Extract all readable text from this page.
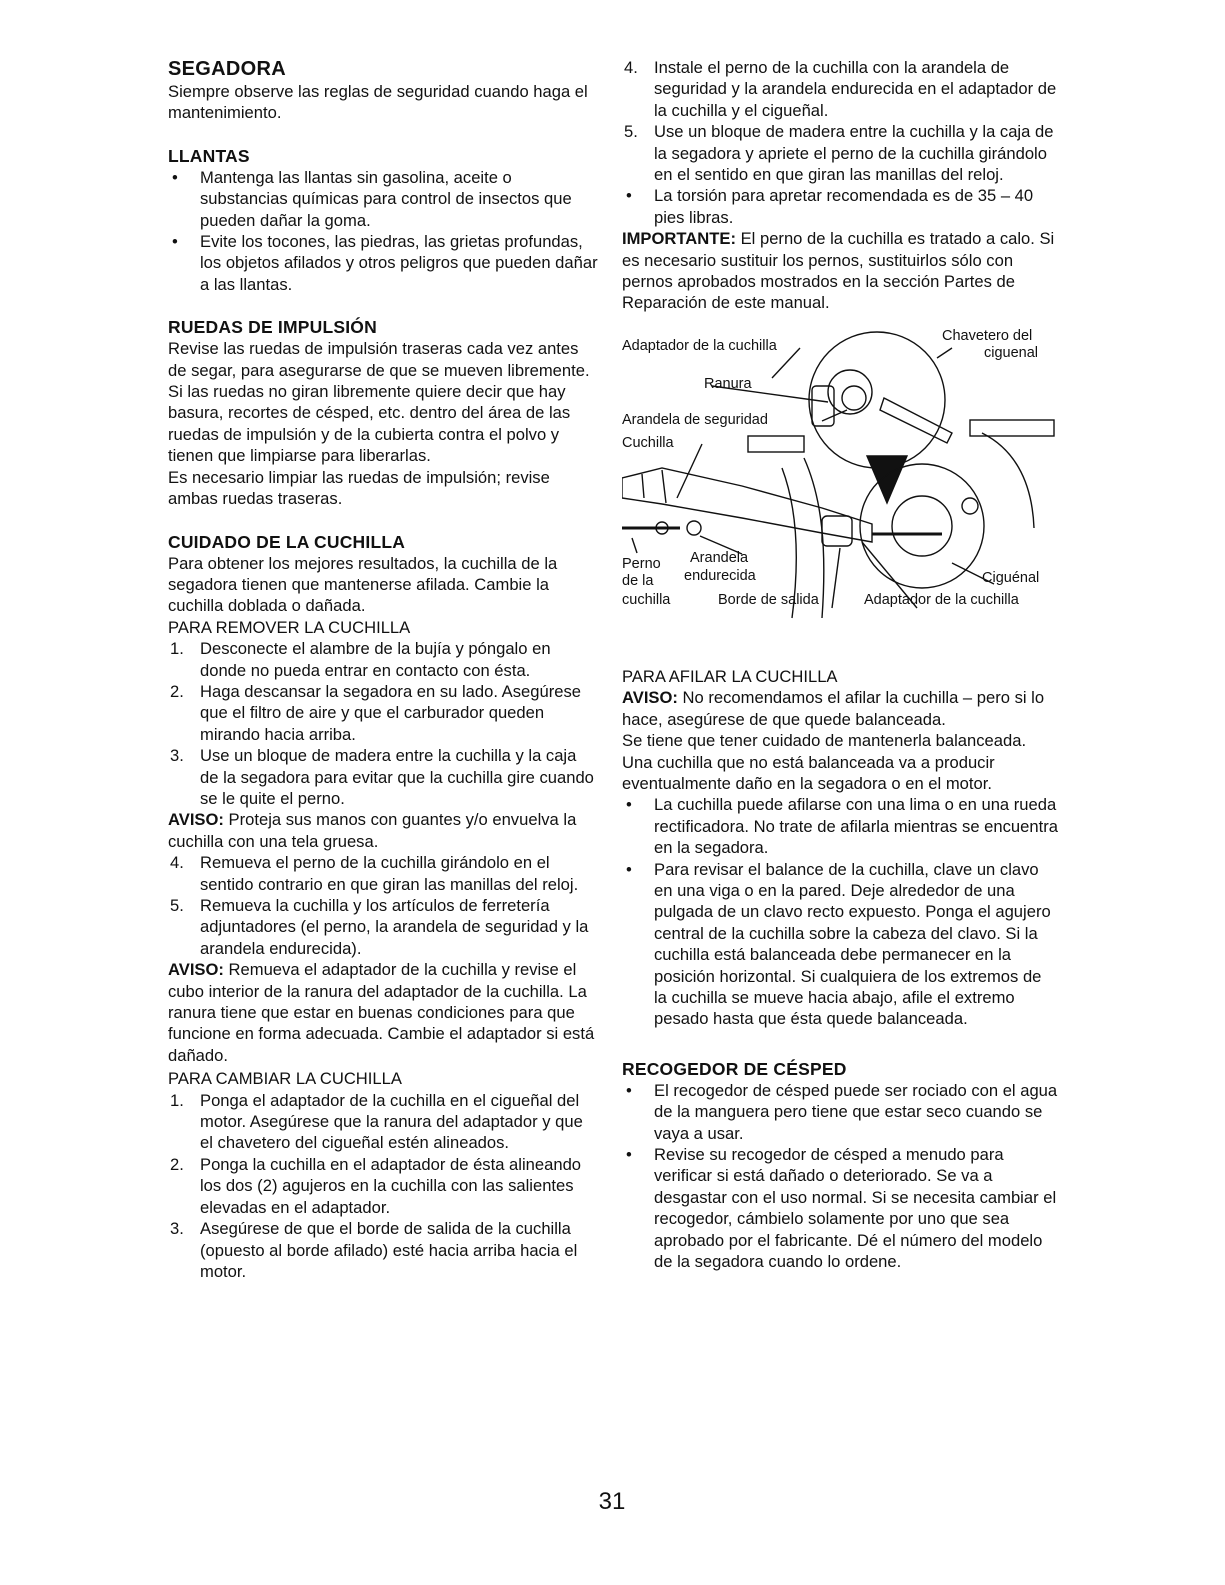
SEGADORA

Siempre observe las reglas de seguridad cuando haga el mantenimiento.

LLANTAS
• Mantenga las llantas sin gasolina, aceite o substancias químicas para control de insectos que pueden dañar la goma.
• Evite los tocones, las piedras, las grietas profundas, los objetos afilados y otros peligros que pueden dañar a las llantas.
RUEDAS DE IMPULSIÓN

Revise las ruedas de impulsión traseras cada vez antes de segar, para asegurarse de que se mueven libremente. Si las ruedas no giran libremente quiere decir que hay basura, recortes de césped, etc. dentro del área de las ruedas de impulsión y de la cubierta contra el polvo y tienen que limpiarse para liberarlas.

Es necesario limpiar las ruedas de impulsión; revise ambas ruedas traseras.

CUIDADO DE LA CUCHILLA

Para obtener los mejores resultados, la cuchilla de la segadora tienen que mantenerse afilada. Cambie la cuchilla doblada o dañada.

PARA REMOVER LA CUCHILLA

1. Desconecte el alambre de la bujía y póngalo en donde no pueda entrar en contacto con ésta.
2. Haga descansar la segadora en su lado. Asegúrese que el filtro de aire y que el carburador queden mirando hacia arriba.
3. Use un bloque de madera entre la cuchilla y la caja de la segadora para evitar que la cuchilla gire cuando se le quite el perno.

AVISO: Proteja sus manos con guantes y/o envuelva la cuchilla con una tela gruesa.

4. Remueva el perno de la cuchilla girándolo en el sentido contrario en que giran las manillas del reloj.
5. Remueva la cuchilla y los artículos de ferretería adjuntadores (el perno, la arandela de seguridad y la arandela endurecida).

AVISO: Remueva el adaptador de la cuchilla y revise el cubo interior de la ranura del adaptador de la cuchilla. La ranura tiene que estar en buenas condiciones para que funcione en forma adecuada. Cambie el adaptador si está dañado.

PARA CAMBIAR LA CUCHILLA

1. Ponga el adaptador de la cuchilla en el cigueñal del motor. Asegúrese que la ranura del adaptador y que el chavetero del cigueñal estén alineados.
2. Ponga la cuchilla en el adaptador de ésta alineando los dos (2) agujeros en la cuchilla con las salientes elevadas en el adaptador.
3. Asegúrese de que el borde de salida de la cuchilla (opuesto al borde afilado) esté hacia arriba hacia el motor.
4. Instale el perno de la cuchilla con la arandela de seguridad y la arandela endurecida en el adaptador de la cuchilla y el cigueñal.
5. Use un bloque de madera entre la cuchilla y la caja de la segadora y apriete el perno de la cuchilla girándolo en el sentido en que giran las manillas del reloj.
• La torsión para apretar recomendada es de 35 – 40 pies libras.

IMPORTANTE: El perno de la cuchilla es tratado a calo. Si es necesario sustituir los pernos, sustituirlos sólo con pernos aprobados mostrados en la sección Partes de Reparación de este manual.

Adaptador de la cuchilla
Chavetero del
ciguenal
Ranura
Arandela de seguridad
Cuchilla
Perno
de la
cuchilla
Arandela
endurecida
Borde de salida	Adaptador de la cuchilla
Ciguénal

PARA AFILAR LA CUCHILLA

AVISO: No recomendamos el afilar la cuchilla – pero si lo hace, asegúrese de que quede balanceada.

Se tiene que tener cuidado de mantenerla balanceada. Una cuchilla que no está balanceada va a producir eventualmente daño en la segadora o en el motor.

• La cuchilla puede afilarse con una lima o en una rueda rectificadora. No trate de afilarla mientras se encuentra en la segadora.
• Para revisar el balance de la cuchilla, clave un clavo en una viga o en la pared. Deje alrededor de una pulgada de un clavo recto expuesto. Ponga el agujero central de la cuchilla sobre la cabeza del clavo. Si la cuchilla está balanceada debe permanecer en la posición horizontal. Si cualquiera de los extremos de la cuchilla se mueve hacia abajo, afile el extremo pesado hasta que ésta quede balanceada.
RECOGEDOR DE CÉSPED
• El recogedor de césped puede ser rociado con el agua de la manguera pero tiene que estar seco cuando se vaya a usar.
• Revise su recogedor de césped a menudo para verificar si está dañado o deteriorado. Se va a desgastar con el uso normal. Si se necesita cambiar el recogedor, cámbielo solamente por uno que sea aprobado por el fabricante. Dé el número del modelo de la segadora cuando lo ordene.
31
